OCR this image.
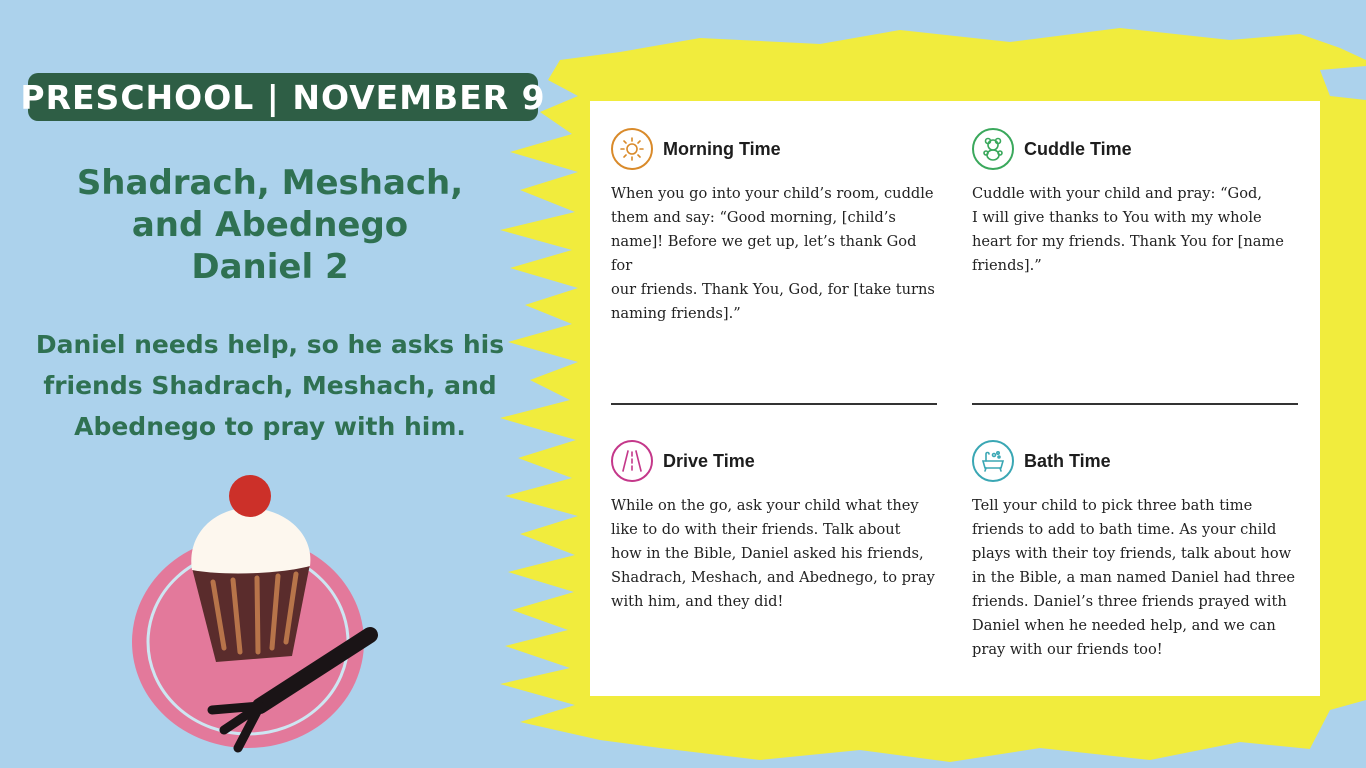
PRESCHOOL | NOVEMBER 9
Shadrach, Meshach,
and Abednego
Daniel 2
Daniel needs help, so he asks his
friends Shadrach, Meshach, and
Abednego to pray with him.
Morning Time
When you go into your child’s room, cuddle
them and say: “Good morning, [child’s
name]! Before we get up, let’s thank God for
our friends. Thank You, God, for [take turns
naming friends].”
Cuddle Time
Cuddle with your child and pray: “God,
I will give thanks to You with my whole
heart for my friends. Thank You for [name
friends].”
Drive Time
While on the go, ask your child what they
like to do with their friends. Talk about
how in the Bible, Daniel asked his friends,
Shadrach, Meshach, and Abednego, to pray
with him, and they did!
Bath Time
Tell your child to pick three bath time
friends to add to bath time. As your child
plays with their toy friends, talk about how
in the Bible, a man named Daniel had three
friends. Daniel’s three friends prayed with
Daniel when he needed help, and we can
pray with our friends too!
